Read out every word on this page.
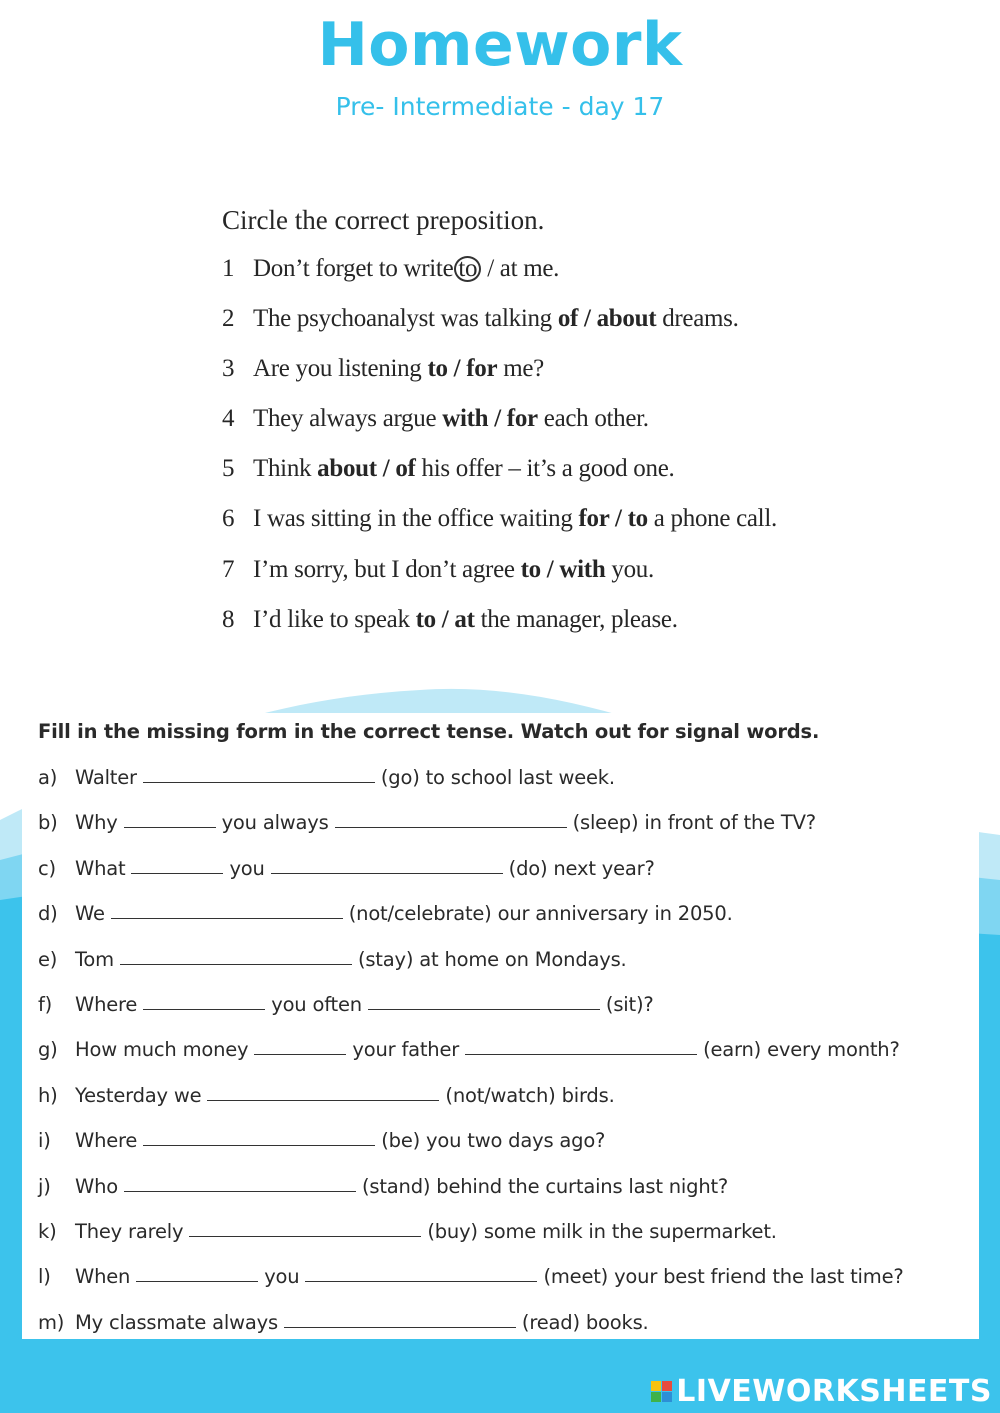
Homework
Pre- Intermediate - day 17
Circle the correct preposition.
1 Don’t forget to write to / at me.
2 The psychoanalyst was talking of / about dreams.
3 Are you listening to / for me?
4 They always argue with / for each other.
5 Think about / of his offer – it’s a good one.
6 I was sitting in the office waiting for / to a phone call.
7 I’m sorry, but I don’t agree to / with you.
8 I’d like to speak to / at the manager, please.
Fill in the missing form in the correct tense. Watch out for signal words.
a) Walter	(go) to school last week.
b) Why	you always	(sleep) in front of the TV?
c) What	you	(do) next year?
d) We	(not/celebrate) our anniversary in 2050.
e) Tom	(stay) at home on Mondays.
f)	Where	you often	(sit)?
g) How much money	your father	(earn) every month?
h) Yesterday we	(not/watch) birds.
i)	Where	(be) you two days ago?
j)	Who	(stand) behind the curtains last night?
k) They rarely	(buy) some milk in the supermarket.
l)	When	you	(meet) your best friend the last time?
m) My classmate always	(read) books.
LIVEWORKSHEETS
